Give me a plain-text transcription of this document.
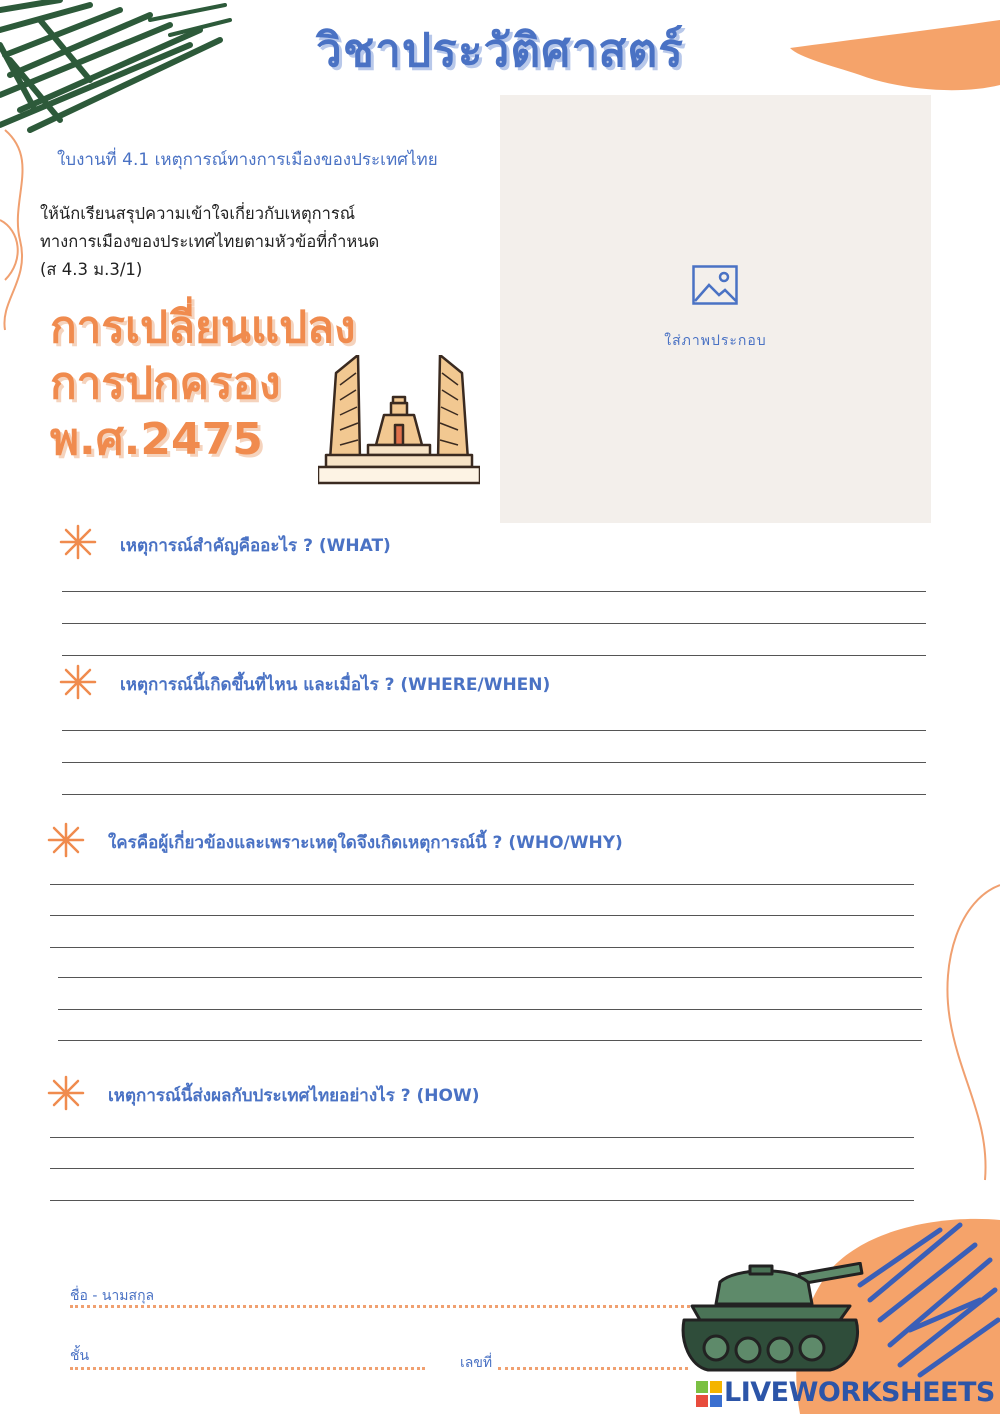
วิชาประวัติศาสตร์
ใบงานที่ 4.1 เหตุการณ์ทางการเมืองของประเทศไทย
ให้นักเรียนสรุปความเข้าใจเกี่ยวกับเหตุการณ์
ทางการเมืองของประเทศไทยตามหัวข้อที่กำหนด
(ส 4.3 ม.3/1)
การเปลี่ยนแปลง
การปกครอง
พ.ศ.2475
ใส่ภาพประกอบ
เหตุการณ์สำคัญคืออะไร ? (WHAT)
เหตุการณ์นี้เกิดขึ้นที่ไหน และเมื่อไร ? (WHERE/WHEN)
ใครคือผู้เกี่ยวข้องและเพราะเหตุใดจึงเกิดเหตุการณ์นี้ ? (WHO/WHY)
เหตุการณ์นี้ส่งผลกับประเทศไทยอย่างไร ? (HOW)
ชื่อ - นามสกุล
ชั้น	เลขที่
LIVEWORKSHEETS
